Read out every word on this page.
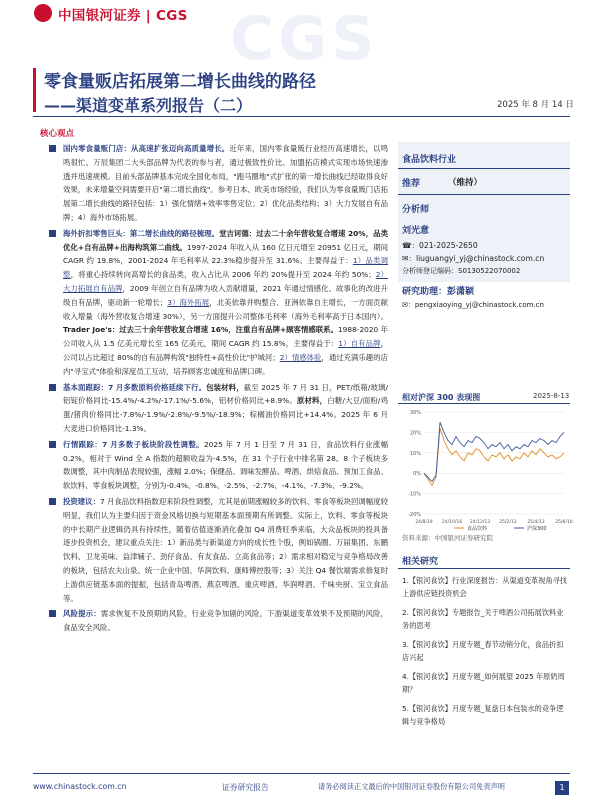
中国银河证券 | CGS CGS
零食量贩店拓展第二增长曲线的路径
——渠道变革系列报告（二）	2025 年 8 月 14 日
核心观点

国内零食量贩门店：从高速扩张迈向高质量增长。近年来，国内零食量贩行业经历高速增长，以鸣鸣很忙、万辰集团二大头部品牌为代表的参与者，通过极致性价比、加盟拓店模式实现市场快速渗透并迅速规模。目前头部品牌基本完成全国化布局，"跑马圈地"式扩张的第一增长曲线已经取得良好效果，未来增量空间需要开启"第二增长曲线"。参考日本、欧美市场经验，我们认为零食量贩门店拓展第二增长曲线的路径包括：1）强化情绪+效率零售定位；2）优化品类结构；3）大力发展自有品牌；4）海外市场拓展。

海外折扣零售巨头：第二增长曲线的路径梳理。堂吉诃德：过去二十余年营收复合增速 20%，品类优化+自有品牌+出海构筑第二曲线。1997-2024 年收入从 160 亿日元增至 20951 亿日元，期间 CAGR 约 19.8%，2001-2024 年毛利率从 22.3%稳步提升至 31.6%。主要得益于：1）品类调整，将重心持续转向高增长的食品类，收入占比从 2006 年约 20%提升至 2024 年约 50%；2）大力拓展自有品牌，2009 年创立自有品牌为收入贡献增量，2021 年通过情感化、故事化的改进升级自有品牌，驱动新一轮增长；3）海外拓展，北美依靠并购整合、亚洲依靠自主增长，一方面贡献收入增量（海外营收复合增速 30%），另一方面提升公司整体毛利率（海外毛利率高于日本国内）。Trader Joe's：过去三十余年营收复合增速 16%，注重自有品牌+顾客情感联系。1988-2020 年公司收入从 1.5 亿美元增长至 165 亿美元，期间 CAGR 约 15.8%，主要得益于：1）自有品牌，公司以占比超过 80%的自有品牌构筑"独特性+高性价比"护城河；2）情感体验，通过充满乐趣的店内"寻宝式"体验和深度员工互动，培养顾客忠诚度和品牌口碑。

基本面跟踪：7 月多数原料价格延续下行。包装材料，截至 2025 年 7 月 31 日，PET/纸箱/玻璃/铝锭价格同比-15.4%/-4.2%/-17.1%/-5.6%，铝材价格同比+8.9%。原材料，白糖/大豆/面粉/鸡蛋/猪肉价格同比-7.8%/-1.9%/-2.8%/-9.5%/-18.9%；棕榈油价格同比+14.4%。2025 年 6 月大麦进口价格同比-1.3%。

行情跟踪：7 月多数子板块阶段性调整。2025 年 7 月 1 日至 7 月 31 日，食品饮料行业涨幅 0.2%，相对于 Wind 全 A 指数的超额收益为-4.5%，在 31 个子行业中排名第 28。8 个子板块多数调整，其中肉制品表现较强，涨幅 2.0%；保健品、调味发酵品、啤酒、烘焙食品、预加工食品、软饮料、零食板块调整，分别为-0.4%、-0.8%、-2.5%、-2.7%、-4.1%、-7.3%、-9.2%。

投资建议：7 月食品饮料指数迎来阶段性调整，尤其是前期涨幅较多的饮料、零食等板块回调幅度较明显，我们认为主要归因于资金风格切换与短期基本面预期有所调整。实际上，饮料、零食等板块的中长期产业逻辑仍具有持续性，随着估值逐渐消化叠加 Q4 消费旺季来临，大众品板块的投具备逐步投资机会，建议重点关注：1）新品类与新渠道方向的成长性个股，例如锅圈、万届集团、东鹏饮料、卫龙美味、益津辅子、劲仔食品、有友食品、立高食品等；2）需求相对稳定与竞争格局改善的板块，包括农夫山泉、统一企业中国、华润饮料、康师傅控股等；3）关注 Q4 餐饮端需求修复时上游供应链基本面的提振，包括青岛啤酒、燕京啤酒、重庆啤酒、华润啤酒、千味央厨、宝立食品等。

风险提示：需求恢复不及预期的风险，行业竞争加剧的风险，下游渠道变革效果不及预期的风险，食品安全风险。

食品饮料行业
推荐	（维持）
分析师
刘光意
☎：021-2025-2650
✉：liuguangyi_yj@chinastock.com.cn
分析师登记编码：S0130522070002
研究助理：彭潇颖
✉：pengxiaoying_yj@chinastock.com.cn
相对沪深 300 表现图	2025-8-13
30%
20%
10%
0%
-10%
-20%
24/8/19 24/10/16 24/12/13 25/2/12 25/4/13 25/6/10
食品饮料	沪深300
资料来源：中国银河证券研究院
相关研究
1.【银河食饮】行业深度报告：从渠道变革视角寻找上游供应链投资机会
2.【银河食饮】专题报告_关于啤酒公司拓展饮料业务的思考
3.【银河食饮】月度专题_春节动销分化，食品折扣店兴起
4.【银河食饮】月度专题_如何展望 2025 年原奶周期？
5.【银河食饮】月度专题_复盘日本包装水的竞争逻辑与竞争格局
www.chinastock.com.cn	证券研究报告	请务必阅读正文最后的中国银河证券股份有限公司免责声明	1
